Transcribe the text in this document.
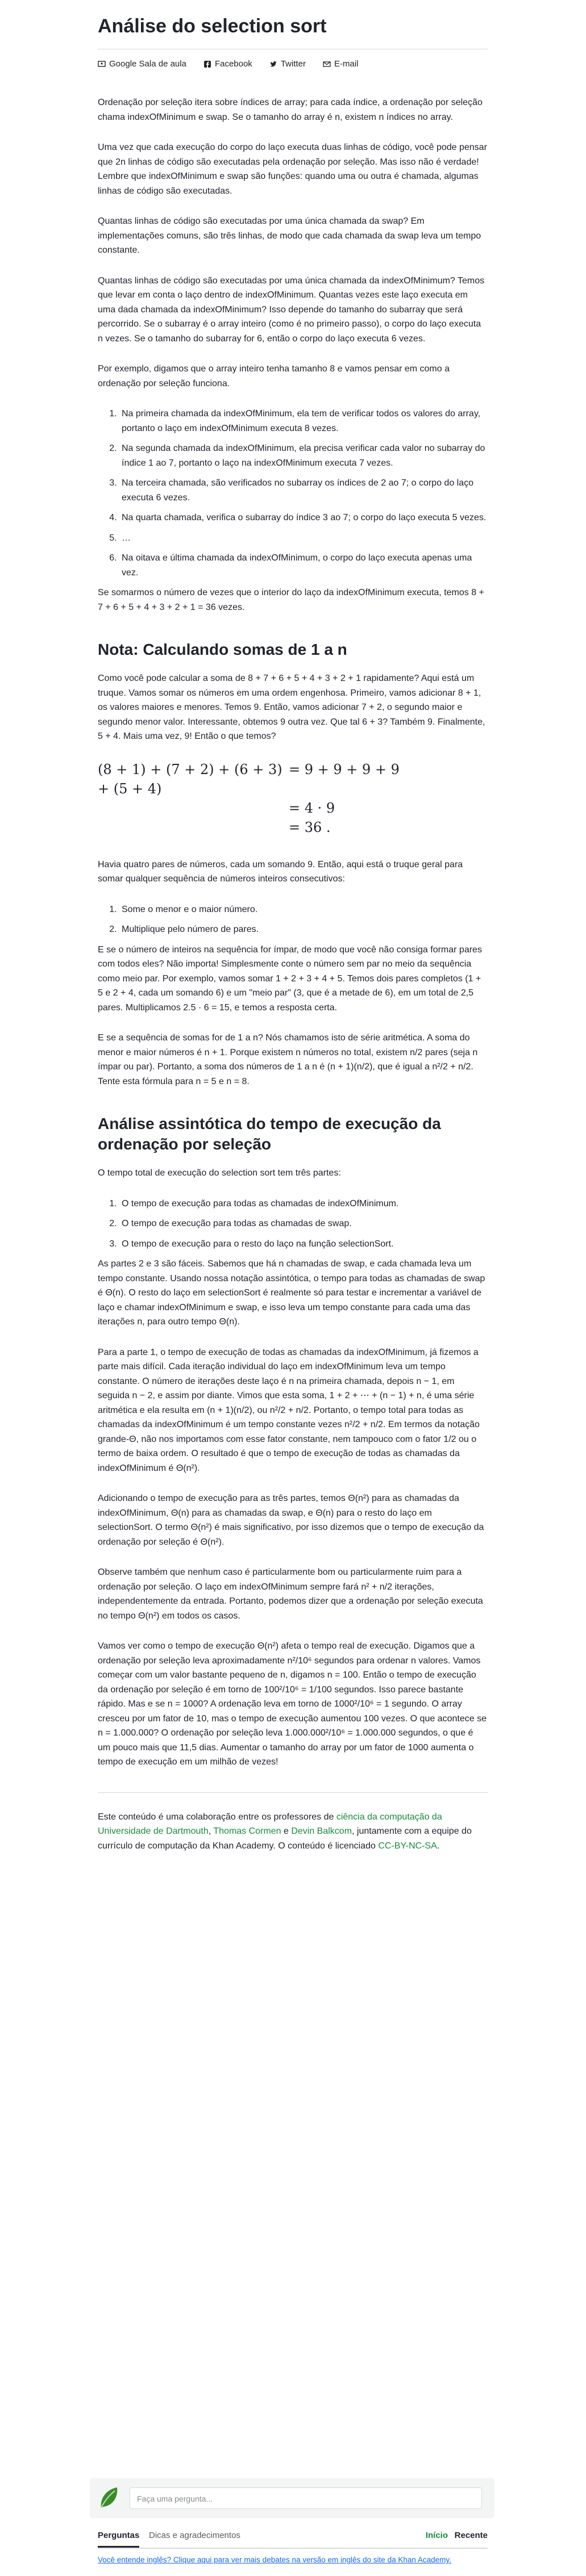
Análise do selection sort
Google Sala de aula	Facebook	Twitter	E-mail

Ordenação por seleção itera sobre índices de array; para cada índice, a ordenação por seleção chama indexOfMinimum e swap. Se o tamanho do array é n, existem n índices no array.

Uma vez que cada execução do corpo do laço executa duas linhas de código, você pode pensar que 2n linhas de código são executadas pela ordenação por seleção. Mas isso não é verdade! Lembre que indexOfMinimum e swap são funções: quando uma ou outra é chamada, algumas linhas de código são executadas.

Quantas linhas de código são executadas por uma única chamada da swap? Em implementações comuns, são três linhas, de modo que cada chamada da swap leva um tempo constante.

Quantas linhas de código são executadas por uma única chamada da indexOfMinimum? Temos que levar em conta o laço dentro de indexOfMinimum. Quantas vezes este laço executa em uma dada chamada da indexOfMinimum? Isso depende do tamanho do subarray que será percorrido. Se o subarray é o array inteiro (como é no primeiro passo), o corpo do laço executa n vezes. Se o tamanho do subarray for 6, então o corpo do laço executa 6 vezes.

Por exemplo, digamos que o array inteiro tenha tamanho 8 e vamos pensar em como a ordenação por seleção funciona.

1. Na primeira chamada da indexOfMinimum, ela tem de verificar todos os valores do array, portanto o laço em indexOfMinimum executa 8 vezes.
2. Na segunda chamada da indexOfMinimum, ela precisa verificar cada valor no subarray do índice 1 ao 7, portanto o laço na indexOfMinimum executa 7 vezes.
3. Na terceira chamada, são verificados no subarray os índices de 2 ao 7; o corpo do laço executa 6 vezes.
4. Na quarta chamada, verifica o subarray do índice 3 ao 7; o corpo do laço executa 5 vezes.
5. …
6. Na oitava e última chamada da indexOfMinimum, o corpo do laço executa apenas uma vez.

Se somarmos o número de vezes que o interior do laço da indexOfMinimum executa, temos 8 + 7 + 6 + 5 + 4 + 3 + 2 + 1 = 36 vezes.

Nota: Calculando somas de 1 a n

Como você pode calcular a soma de 8 + 7 + 6 + 5 + 4 + 3 + 2 + 1 rapidamente? Aqui está um truque. Vamos somar os números em uma ordem engenhosa. Primeiro, vamos adicionar 8 + 1, os valores maiores e menores. Temos 9. Então, vamos adicionar 7 + 2, o segundo maior e segundo menor valor. Interessante, obtemos 9 outra vez. Que tal 6 + 3? Também 9. Finalmente, 5 + 4. Mais uma vez, 9! Então o que temos?

(8 + 1) + (7 + 2) + (6 + 3) + (5 + 4)
= 9 + 9 + 9 + 9
= 4 · 9
= 36 .

Havia quatro pares de números, cada um somando 9. Então, aqui está o truque geral para somar qualquer sequência de números inteiros consecutivos:

1. Some o menor e o maior número.
2. Multiplique pelo número de pares.

E se o número de inteiros na sequência for ímpar, de modo que você não consiga formar pares com todos eles? Não importa! Simplesmente conte o número sem par no meio da sequência como meio par. Por exemplo, vamos somar 1 + 2 + 3 + 4 + 5. Temos dois pares completos (1 + 5 e 2 + 4, cada um somando 6) e um "meio par" (3, que é a metade de 6), em um total de 2,5 pares. Multiplicamos 2.5 · 6 = 15, e temos a resposta certa.

E se a sequência de somas for de 1 a n? Nós chamamos isto de série aritmética. A soma do menor e maior números é n + 1. Porque existem n números no total, existem n/2 pares (seja n ímpar ou par). Portanto, a soma dos números de 1 a n é (n + 1)(n/2), que é igual a n²/2 + n/2. Tente esta fórmula para n = 5 e n = 8.

Análise assintótica do tempo de execução da ordenação por seleção

O tempo total de execução do selection sort tem três partes:

1. O tempo de execução para todas as chamadas de indexOfMinimum.
2. O tempo de execução para todas as chamadas de swap.
3. O tempo de execução para o resto do laço na função selectionSort.

As partes 2 e 3 são fáceis. Sabemos que há n chamadas de swap, e cada chamada leva um tempo constante. Usando nossa notação assintótica, o tempo para todas as chamadas de swap é Θ(n). O resto do laço em selectionSort é realmente só para testar e incrementar a variável de laço e chamar indexOfMinimum e swap, e isso leva um tempo constante para cada uma das iterações n, para outro tempo Θ(n).

Para a parte 1, o tempo de execução de todas as chamadas da indexOfMinimum, já fizemos a parte mais difícil. Cada iteração individual do laço em indexOfMinimum leva um tempo constante. O número de iterações deste laço é n na primeira chamada, depois n − 1, em seguida n − 2, e assim por diante. Vimos que esta soma, 1 + 2 + ⋯ + (n − 1) + n, é uma série aritmética e ela resulta em (n + 1)(n/2), ou n²/2 + n/2. Portanto, o tempo total para todas as chamadas da indexOfMinimum é um tempo constante vezes n²/2 + n/2. Em termos da notação grande-Θ, não nos importamos com esse fator constante, nem tampouco com o fator 1/2 ou o termo de baixa ordem. O resultado é que o tempo de execução de todas as chamadas da indexOfMinimum é Θ(n²).

Adicionando o tempo de execução para as três partes, temos Θ(n²) para as chamadas da indexOfMinimum, Θ(n) para as chamadas da swap, e Θ(n) para o resto do laço em selectionSort. O termo Θ(n²) é mais significativo, por isso dizemos que o tempo de execução da ordenação por seleção é Θ(n²).

Observe também que nenhum caso é particularmente bom ou particularmente ruim para a ordenação por seleção. O laço em indexOfMinimum sempre fará n² + n/2 iterações, independentemente da entrada. Portanto, podemos dizer que a ordenação por seleção executa no tempo Θ(n²) em todos os casos.

Vamos ver como o tempo de execução Θ(n²) afeta o tempo real de execução. Digamos que a ordenação por seleção leva aproximadamente n²/10⁶ segundos para ordenar n valores. Vamos começar com um valor bastante pequeno de n, digamos n = 100. Então o tempo de execução da ordenação por seleção é em torno de 100²/10⁶ = 1/100 segundos. Isso parece bastante rápido. Mas e se n = 1000? A ordenação leva em torno de 1000²/10⁶ = 1 segundo. O array cresceu por um fator de 10, mas o tempo de execução aumentou 100 vezes. O que acontece se n = 1.000.000? O ordenação por seleção leva 1.000.000²/10⁶ = 1.000.000 segundos, o que é um pouco mais que 11,5 dias. Aumentar o tamanho do array por um fator de 1000 aumenta o tempo de execução em um milhão de vezes!

Este conteúdo é uma colaboração entre os professores de ciência da computação da Universidade de Dartmouth, Thomas Cormen e Devin Balkcom, juntamente com a equipe do currículo de computação da Khan Academy. O conteúdo é licenciado CC-BY-NC-SA.

Faça uma pergunta...
Perguntas Dicas e agradecimentos	Início Recente
Você entende inglês? Clique aqui para ver mais debates na versão em inglês do site da Khan Academy.
